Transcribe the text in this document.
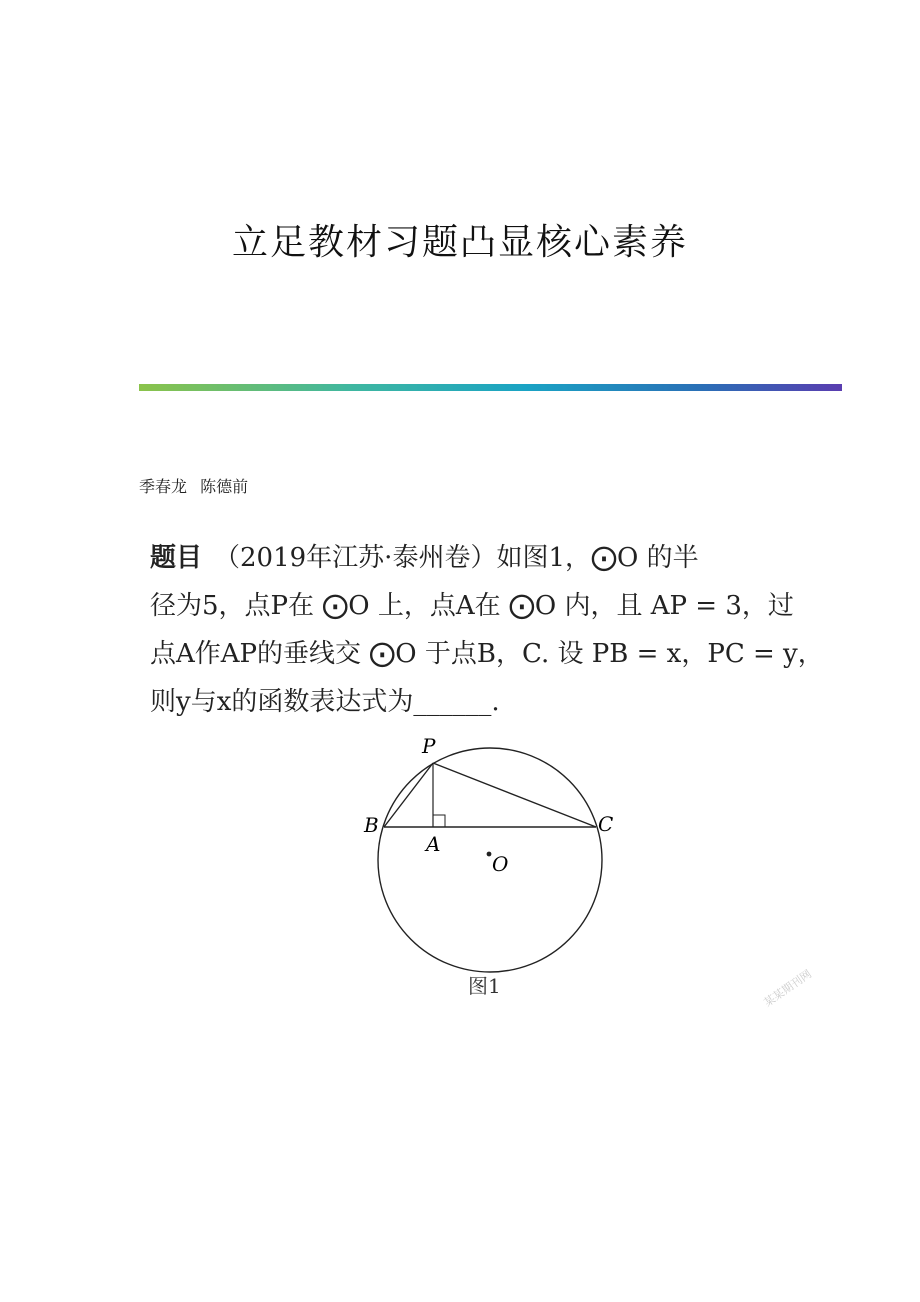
立足教材习题凸显核心素养
季春龙 陈德前
题目 （2019年江苏·泰州卷）如图1，⨀O 的半
径为5，点P在 ⨀O 上，点A在 ⨀O 内，且 AP = 3，过
点A作AP的垂线交 ⨀O 于点B，C. 设 PB = x，PC = y，
则y与x的函数表达式为______.
P
B	C
A
O
图1	某某期刊网
